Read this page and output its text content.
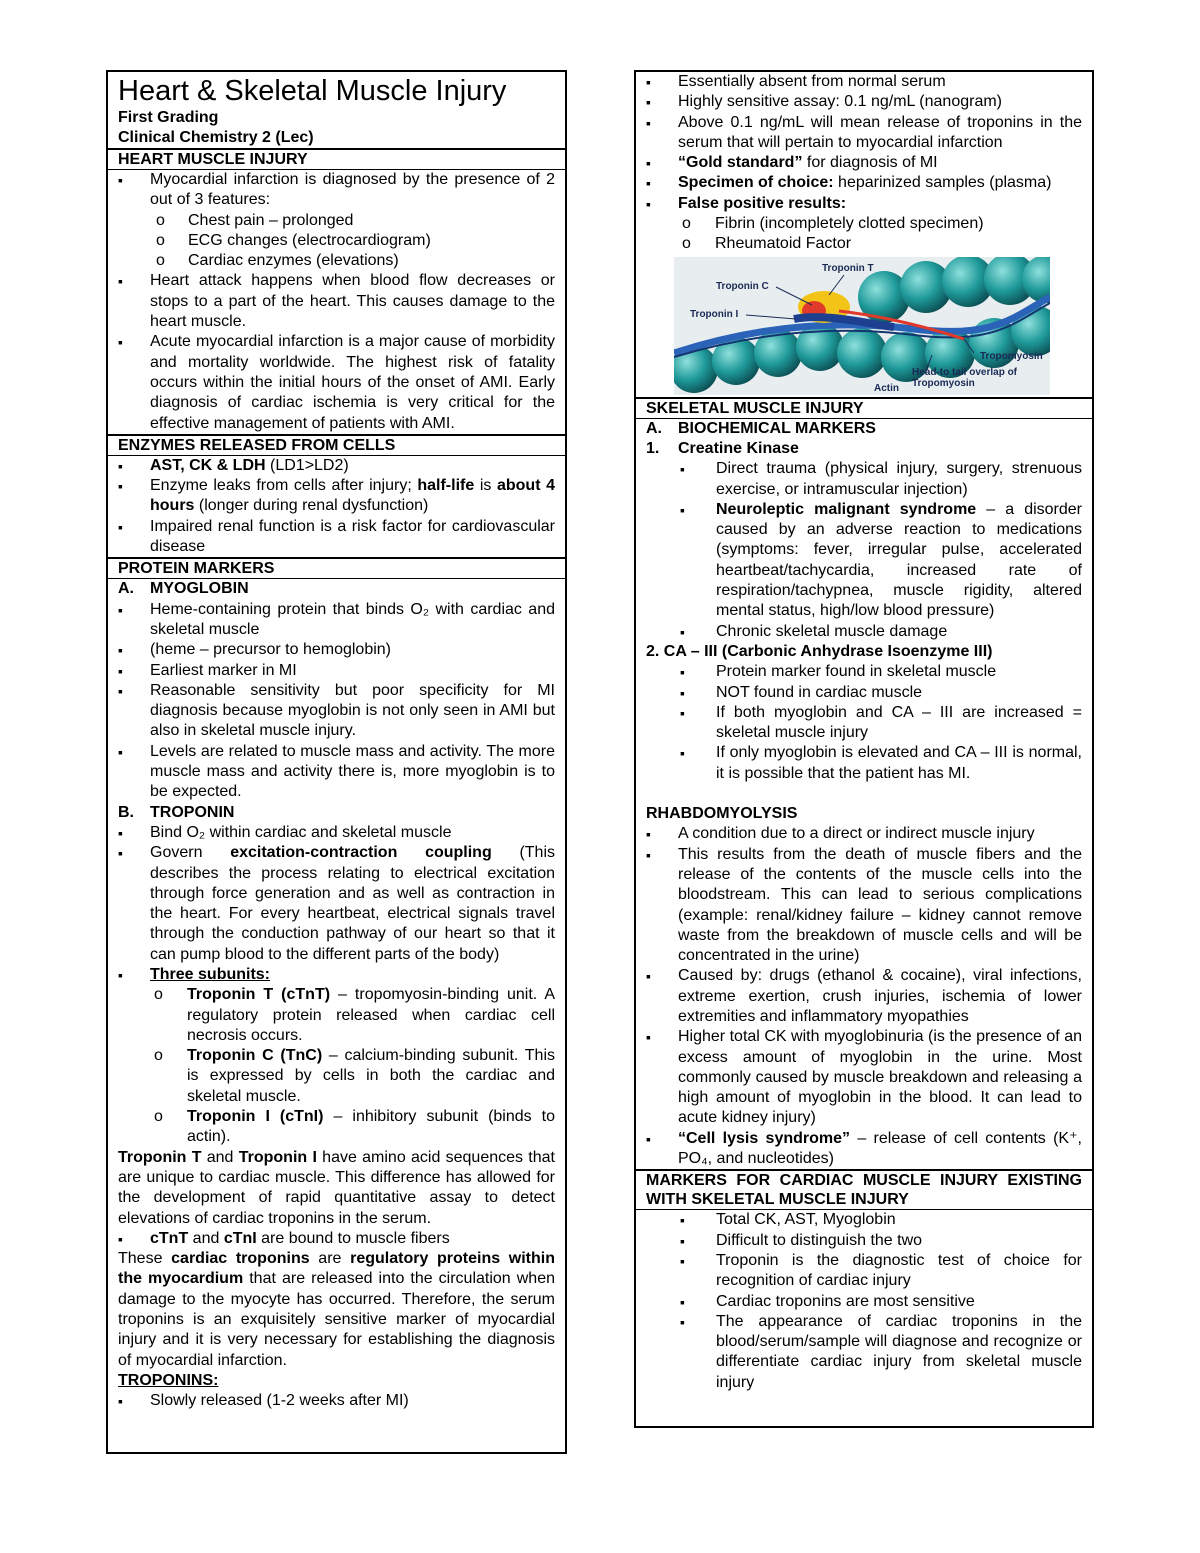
Heart & Skeletal Muscle Injury
First Grading
Clinical Chemistry 2 (Lec)
HEART MUSCLE INJURY
▪ Myocardial infarction is diagnosed by the presence of 2 out of 3 features:
o Chest pain – prolonged
o ECG changes (electrocardiogram)
o Cardiac enzymes (elevations)
▪ Heart attack happens when blood flow decreases or stops to a part of the heart. This causes damage to the heart muscle.
▪ Acute myocardial infarction is a major cause of morbidity and mortality worldwide. The highest risk of fatality occurs within the initial hours of the onset of AMI. Early diagnosis of cardiac ischemia is very critical for the effective management of patients with AMI.
ENZYMES RELEASED FROM CELLS
▪ AST, CK & LDH (LD1>LD2)
▪ Enzyme leaks from cells after injury; half-life is about 4 hours (longer during renal dysfunction)
▪ Impaired renal function is a risk factor for cardiovascular disease
PROTEIN MARKERS
A. MYOGLOBIN
▪ Heme-containing protein that binds O₂ with cardiac and skeletal muscle
▪ (heme – precursor to hemoglobin)
▪ Earliest marker in MI
▪ Reasonable sensitivity but poor specificity for MI diagnosis because myoglobin is not only seen in AMI but also in skeletal muscle injury.
▪ Levels are related to muscle mass and activity. The more muscle mass and activity there is, more myoglobin is to be expected.
B. TROPONIN
▪ Bind O₂ within cardiac and skeletal muscle
▪ Govern excitation-contraction coupling (This describes the process relating to electrical excitation through force generation and as well as contraction in the heart. For every heartbeat, electrical signals travel through the conduction pathway of our heart so that it can pump blood to the different parts of the body)
▪ Three subunits:
o Troponin T (cTnT) – tropomyosin-binding unit. A regulatory protein released when cardiac cell necrosis occurs.
o Troponin C (TnC) – calcium-binding subunit. This is expressed by cells in both the cardiac and skeletal muscle.
o Troponin I (cTnI) – inhibitory subunit (binds to actin).
Troponin T and Troponin I have amino acid sequences that are unique to cardiac muscle. This difference has allowed for the development of rapid quantitative assay to detect elevations of cardiac troponins in the serum.
▪ cTnT and cTnI are bound to muscle fibers
These cardiac troponins are regulatory proteins within the myocardium that are released into the circulation when damage to the myocyte has occurred. Therefore, the serum troponins is an exquisitely sensitive marker of myocardial injury and it is very necessary for establishing the diagnosis of myocardial infarction.
TROPONINS:
▪ Slowly released (1-2 weeks after MI)
▪ Essentially absent from normal serum
▪ Highly sensitive assay: 0.1 ng/mL (nanogram)
▪ Above 0.1 ng/mL will mean release of troponins in the serum that will pertain to myocardial infarction
▪ “Gold standard” for diagnosis of MI
▪ Specimen of choice: heparinized samples (plasma)
▪ False positive results:
o Fibrin (incompletely clotted specimen)
o Rheumatoid Factor
Troponin T
Troponin C
Troponin I
Tropomyosin
Actin
Head-to tail overlap of Tropomyosin
SKELETAL MUSCLE INJURY
A. BIOCHEMICAL MARKERS
1. Creatine Kinase
▪ Direct trauma (physical injury, surgery, strenuous exercise, or intramuscular injection)
▪ Neuroleptic malignant syndrome – a disorder caused by an adverse reaction to medications (symptoms: fever, irregular pulse, accelerated heartbeat/tachycardia, increased rate of respiration/tachypnea, muscle rigidity, altered mental status, high/low blood pressure)
▪ Chronic skeletal muscle damage
2. CA – III (Carbonic Anhydrase Isoenzyme III)
▪ Protein marker found in skeletal muscle
▪ NOT found in cardiac muscle
▪ If both myoglobin and CA – III are increased = skeletal muscle injury
▪ If only myoglobin is elevated and CA – III is normal, it is possible that the patient has MI.
RHABDOMYOLYSIS
▪ A condition due to a direct or indirect muscle injury
▪ This results from the death of muscle fibers and the release of the contents of the muscle cells into the bloodstream. This can lead to serious complications (example: renal/kidney failure – kidney cannot remove waste from the breakdown of muscle cells and will be concentrated in the urine)
▪ Caused by: drugs (ethanol & cocaine), viral infections, extreme exertion, crush injuries, ischemia of lower extremities and inflammatory myopathies
▪ Higher total CK with myoglobinuria (is the presence of an excess amount of myoglobin in the urine. Most commonly caused by muscle breakdown and releasing a high amount of myoglobin in the blood. It can lead to acute kidney injury)
▪ “Cell lysis syndrome” – release of cell contents (K⁺, PO₄, and nucleotides)
MARKERS FOR CARDIAC MUSCLE INJURY EXISTING WITH SKELETAL MUSCLE INJURY
▪ Total CK, AST, Myoglobin
▪ Difficult to distinguish the two
▪ Troponin is the diagnostic test of choice for recognition of cardiac injury
▪ Cardiac troponins are most sensitive
▪ The appearance of cardiac troponins in the blood/serum/sample will diagnose and recognize or differentiate cardiac injury from skeletal muscle injury
